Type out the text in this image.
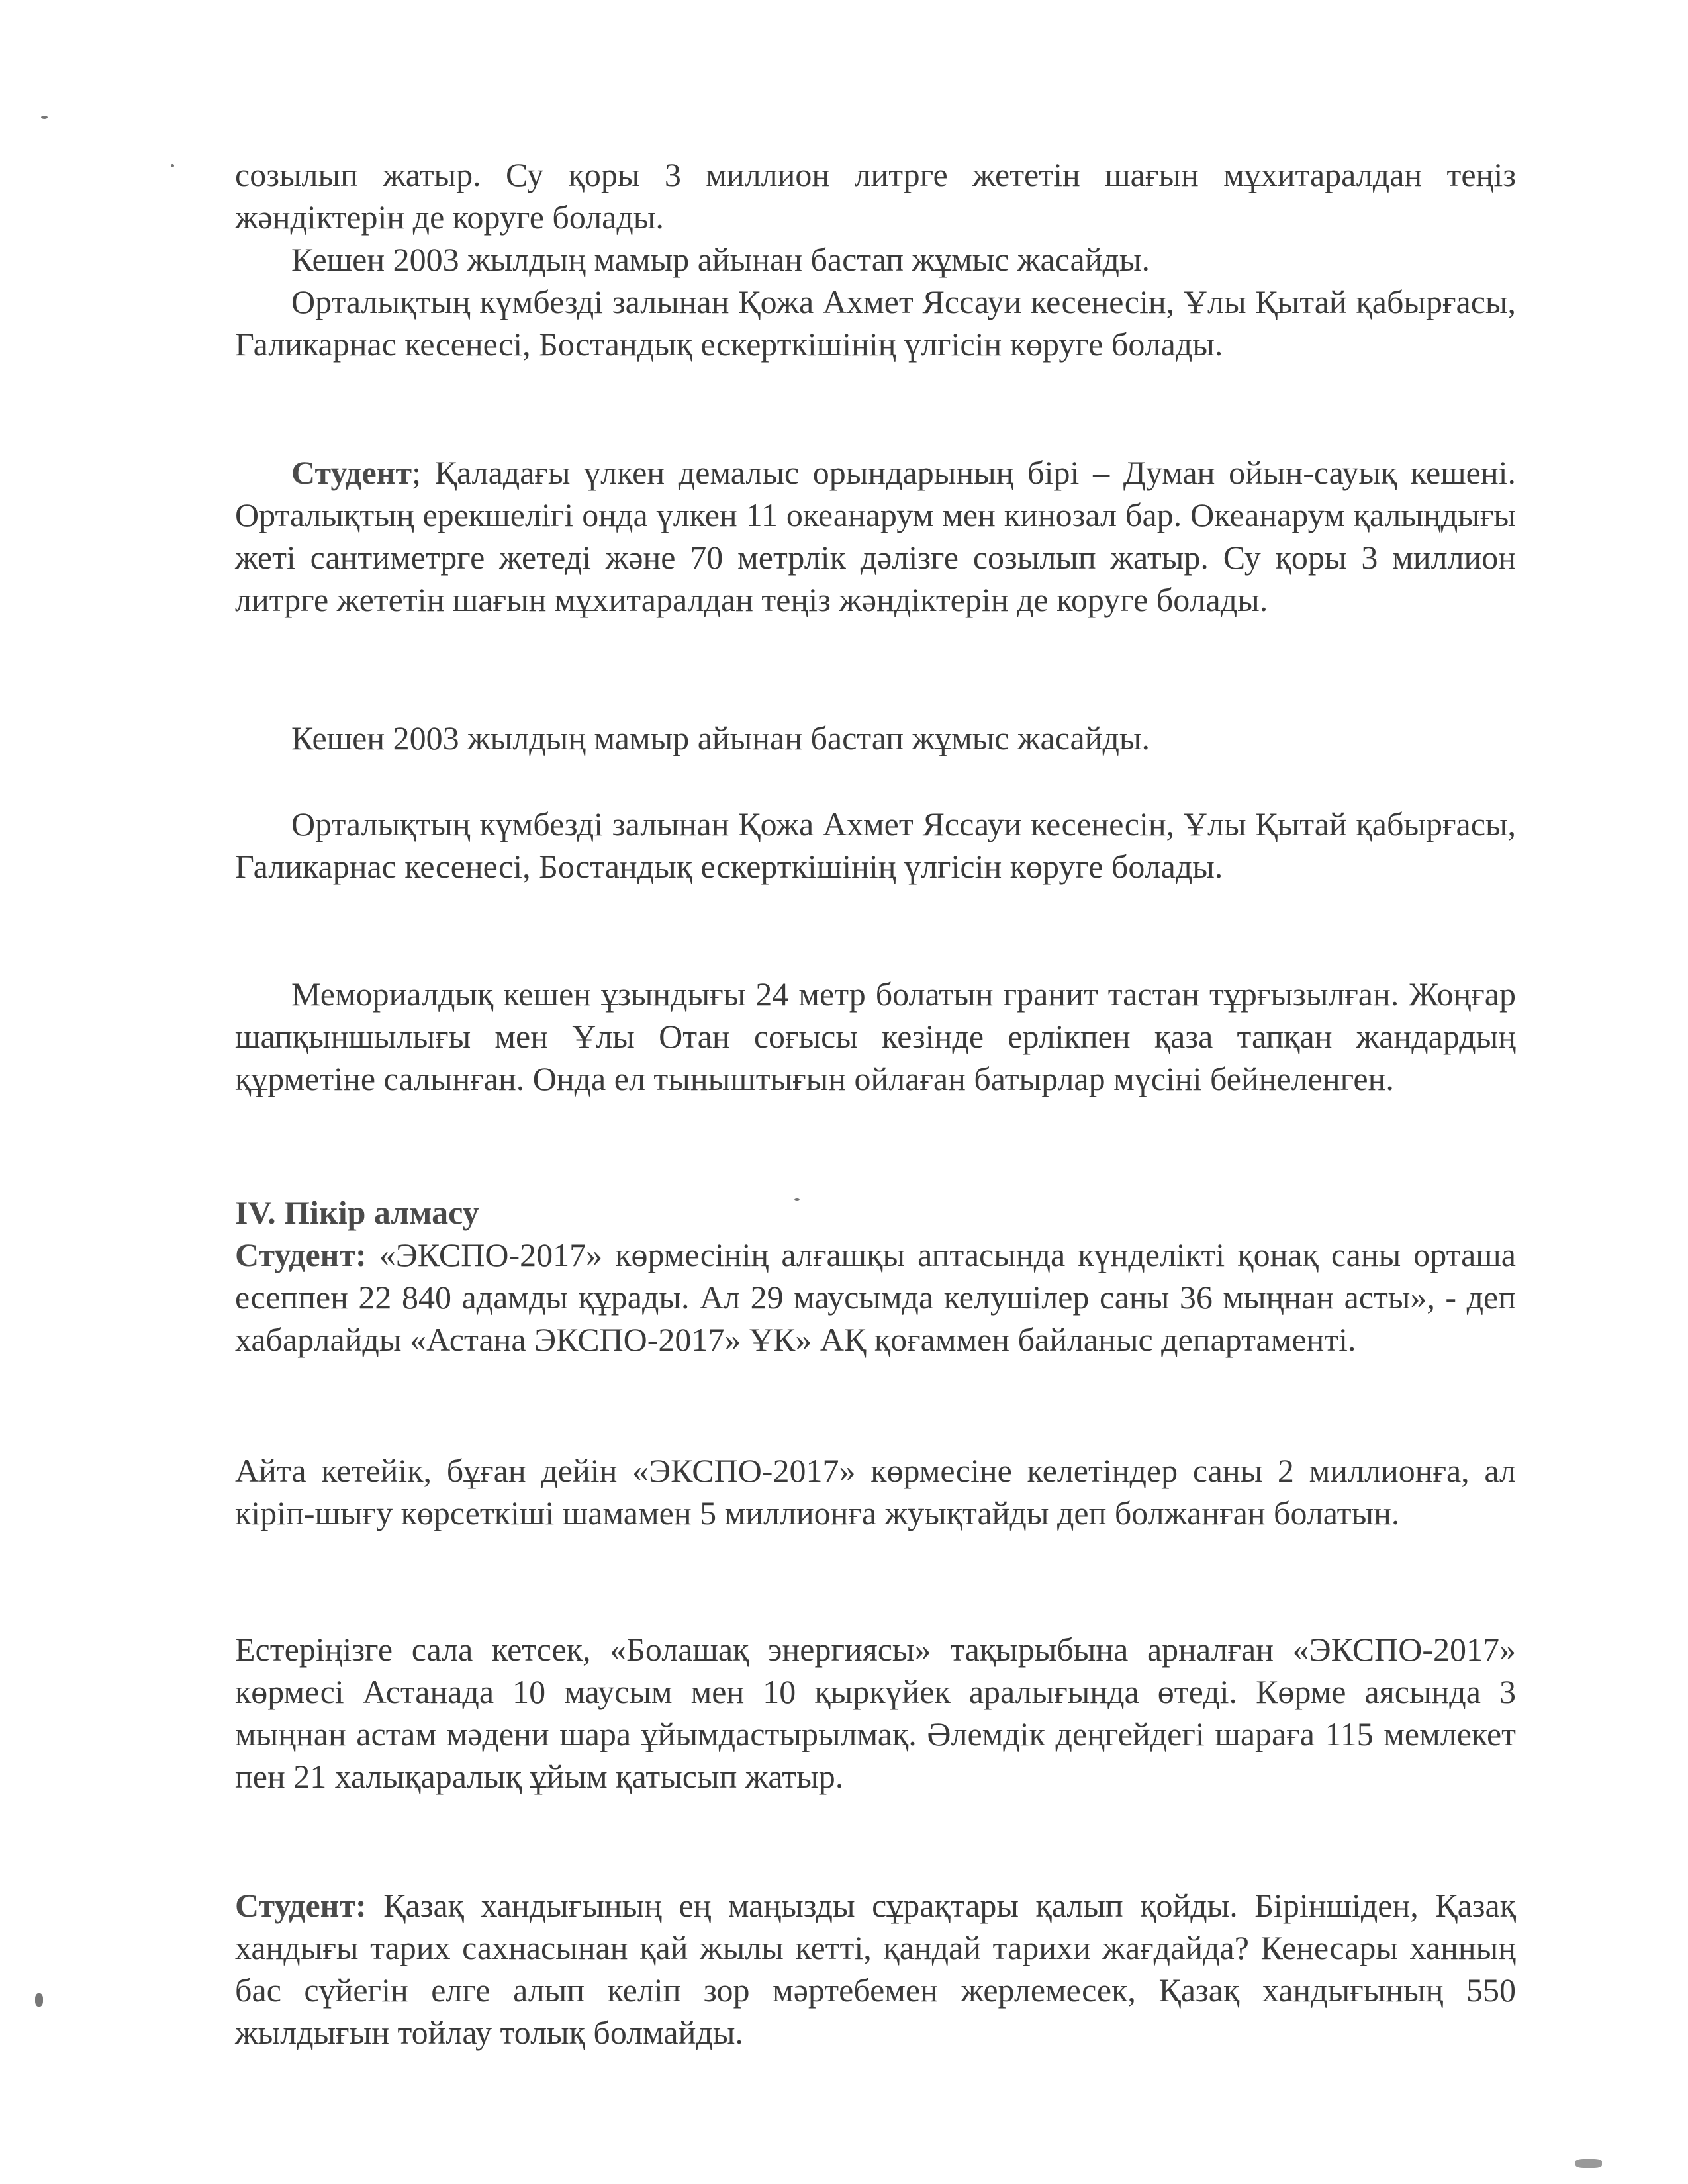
созылып жатыр. Су қоры 3 миллион литрге жететін шағын мұхитаралдан теңіз жәндіктерін де коруге болады.

Кешен 2003 жылдың мамыр айынан бастап жұмыс жасайды.

Орталықтың күмбезді залынан Қожа Ахмет Яссауи кесенесін, Ұлы Қытай қабырғасы, Галикарнас кесенесі, Бостандық ескерткішінің үлгісін көруге болады.

Студент; Қаладағы үлкен демалыс орындарының бірі – Думан ойын-сауық кешені. Орталықтың ерекшелігі онда үлкен 11 океанарум мен кинозал бар. Океанарум қалыңдығы жеті сантиметрге жетеді және 70 метрлік дәлізге созылып жатыр. Су қоры 3 миллион литрге жететін шағын мұхитаралдан теңіз жәндіктерін де коруге болады.

Кешен 2003 жылдың мамыр айынан бастап жұмыс жасайды.

Орталықтың күмбезді залынан Қожа Ахмет Яссауи кесенесін, Ұлы Қытай қабырғасы, Галикарнас кесенесі, Бостандық ескерткішінің үлгісін көруге болады.

Мемориалдық кешен ұзындығы 24 метр болатын гранит тастан тұрғызылған. Жоңғар шапқыншылығы мен Ұлы Отан соғысы кезінде ерлікпен қаза тапқан жандардың құрметіне салынған. Онда ел тыныштығын ойлаған батырлар мүсіні бейнеленген.

IV. Пікір алмасу

Студент: «ЭКСПО-2017» көрмесінің алғашқы аптасында күнделікті қонақ саны орташа есеппен 22 840 адамды құрады. Ал 29 маусымда келушілер саны 36 мыңнан асты», - деп хабарлайды «Астана ЭКСПО-2017» ҰК» АҚ қоғаммен байланыс департаменті.

Айта кетейік, бұған дейін «ЭКСПО-2017» көрмесіне келетіндер саны 2 миллионға, ал кіріп-шығу көрсеткіші шамамен 5 миллионға жуықтайды деп болжанған болатын.

Естеріңізге сала кетсек, «Болашақ энергиясы» тақырыбына арналған «ЭКСПО-2017» көрмесі Астанада 10 маусым мен 10 қыркүйек аралығында өтеді. Көрме аясында 3 мыңнан астам мәдени шара ұйымдастырылмақ. Әлемдік деңгейдегі шараға 115 мемлекет пен 21 халықаралық ұйым қатысып жатыр.

Студент: Қазақ хандығының ең маңызды сұрақтары қалып қойды. Біріншіден, Қазақ хандығы тарих сахнасынан қай жылы кетті, қандай тарихи жағдайда? Кенесары ханның бас сүйегін елге алып келіп зор мәртебемен жерлемесек, Қазақ хандығының 550 жылдығын тойлау толық болмайды.
